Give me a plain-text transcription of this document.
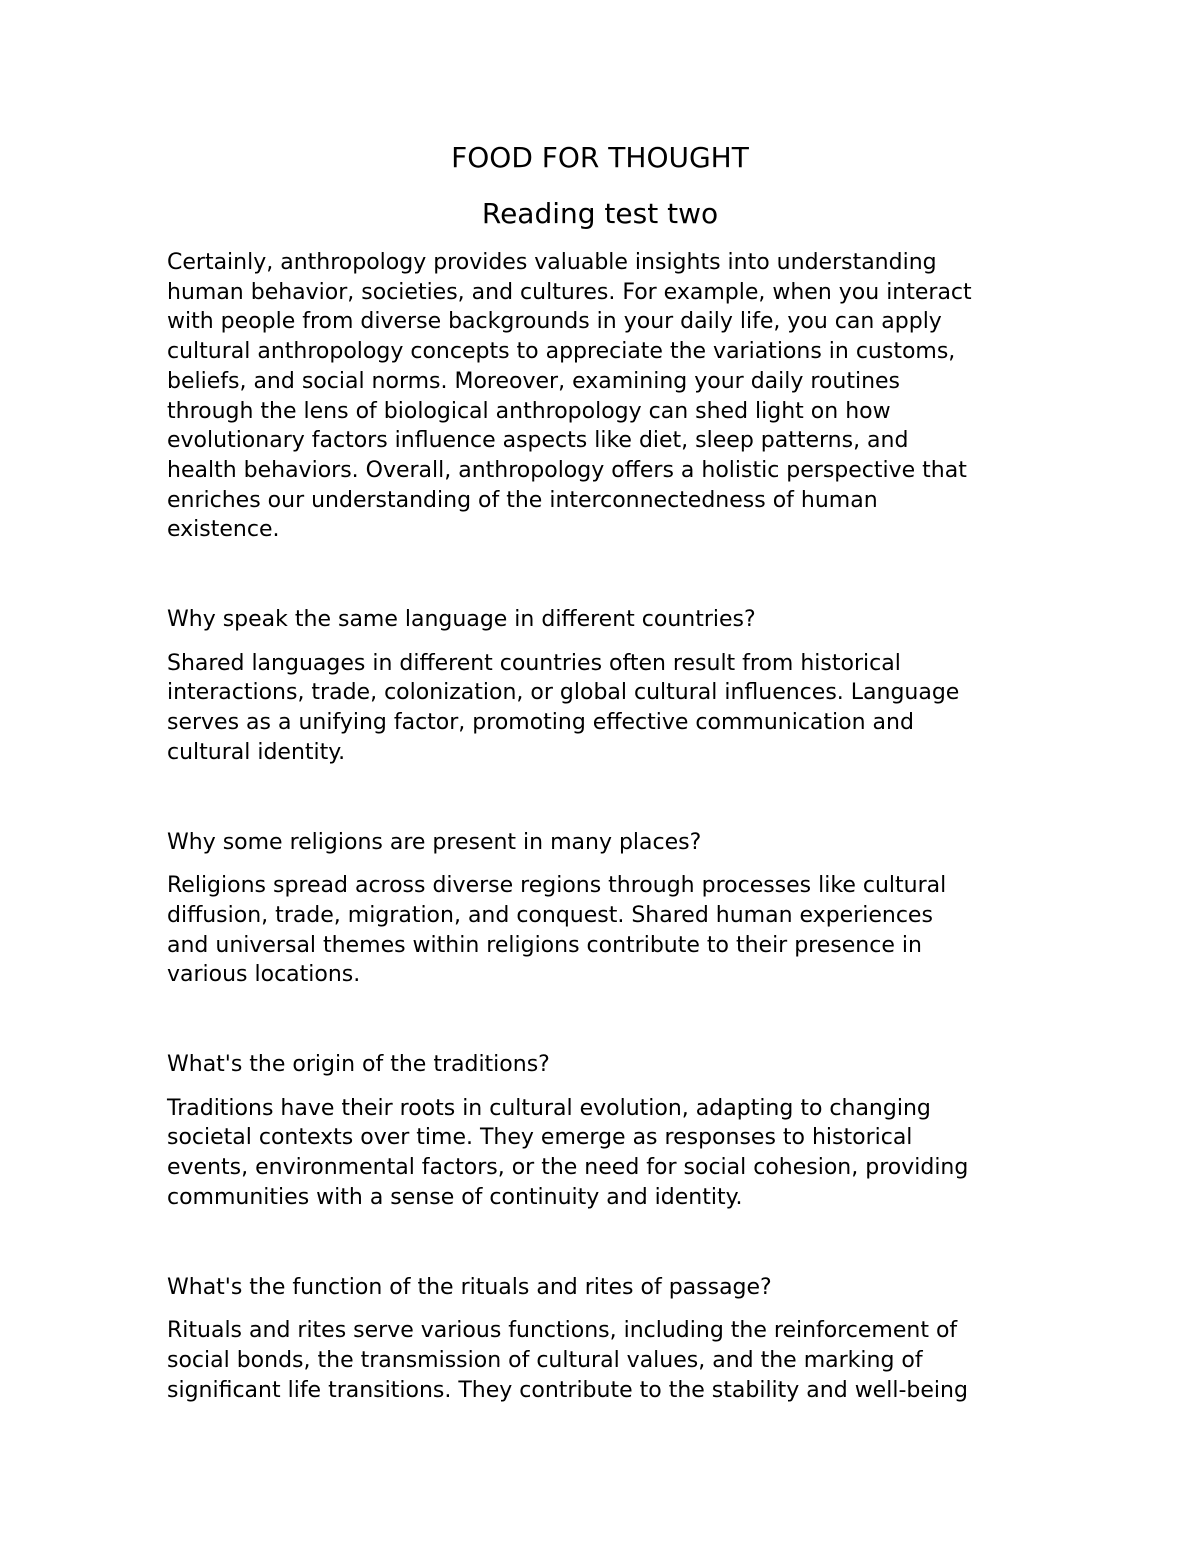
FOOD FOR THOUGHT
Reading test two

Certainly, anthropology provides valuable insights into understanding

human behavior, societies, and cultures. For example, when you interact

with people from diverse backgrounds in your daily life, you can apply

cultural anthropology concepts to appreciate the variations in customs,

beliefs, and social norms. Moreover, examining your daily routines

through the lens of biological anthropology can shed light on how

evolutionary factors influence aspects like diet, sleep patterns, and

health behaviors. Overall, anthropology offers a holistic perspective that

enriches our understanding of the interconnectedness of human

existence.

Why speak the same language in different countries?

Shared languages in different countries often result from historical

interactions, trade, colonization, or global cultural influences. Language

serves as a unifying factor, promoting effective communication and

cultural identity.

Why some religions are present in many places?

Religions spread across diverse regions through processes like cultural

diffusion, trade, migration, and conquest. Shared human experiences

and universal themes within religions contribute to their presence in

various locations.

What's the origin of the traditions?

Traditions have their roots in cultural evolution, adapting to changing

societal contexts over time. They emerge as responses to historical

events, environmental factors, or the need for social cohesion, providing

communities with a sense of continuity and identity.

What's the function of the rituals and rites of passage?

Rituals and rites serve various functions, including the reinforcement of

social bonds, the transmission of cultural values, and the marking of

significant life transitions. They contribute to the stability and well-being
